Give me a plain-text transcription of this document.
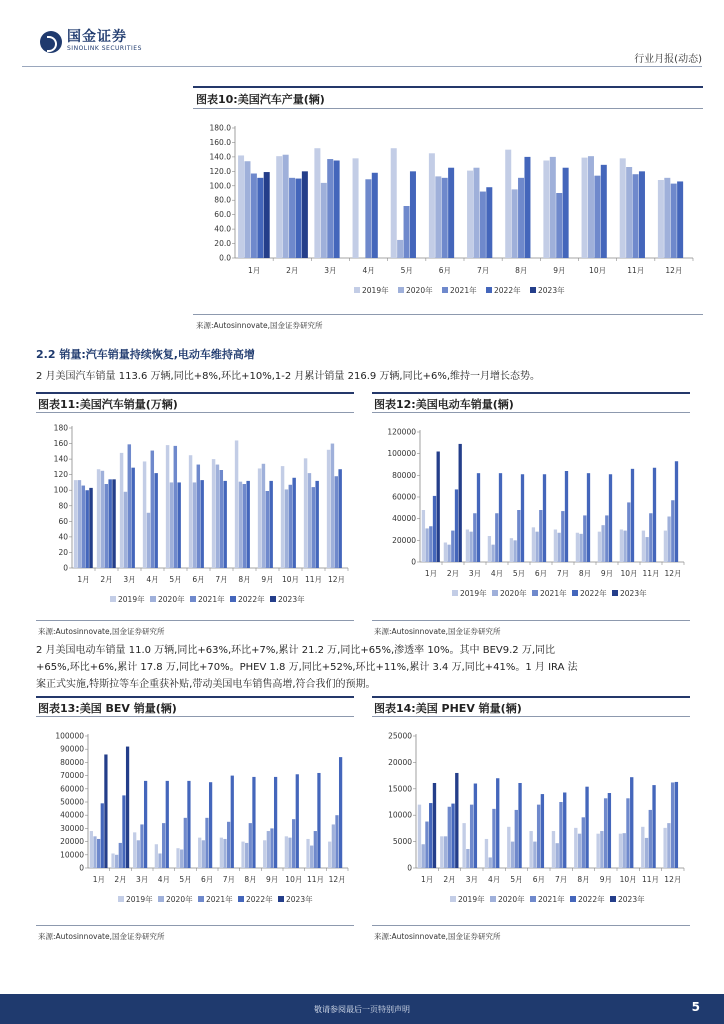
国金证券
SINOLINK SECURITIES
行业月报(动态)
图表10:美国汽车产量(辆)
0.0
20.0
40.0
60.0
80.0
100.0
120.0
140.0
160.0
180.0
1月	2月	3月	4月	5月	6月	7月	8月	9月	10月	11月	12月
2019年 2020年 2021年 2022年 2023年
来源:Autosinnovate,国金证券研究所
2.2 销量:汽车销量持续恢复,电动车维持高增
2 月美国汽车销量 113.6 万辆,同比+8%,环比+10%,1-2 月累计销量 216.9 万辆,同比+6%,维持一月增长态势。
图表11:美国汽车销量(万辆)
0
20
40
60
80
100
120
140
160
180
1月 2月 3月 4月 5月 6月 7月 8月 9月 10月 11月 12月
2019年 2020年 2021年 2022年 2023年
来源:Autosinnovate,国金证券研究所
图表12:美国电动车销量(辆)
0
20000
40000
60000
80000
100000
120000
1月 2月 3月 4月 5月 6月 7月 8月 9月 10月 11月 12月
2019年 2020年 2021年 2022年 2023年
来源:Autosinnovate,国金证券研究所
2 月美国电动车销量 11.0 万辆,同比+63%,环比+7%,累计 21.2 万,同比+65%,渗透率 10%。其中 BEV9.2 万,同比
+65%,环比+6%,累计 17.8 万,同比+70%。PHEV 1.8 万,同比+52%,环比+11%,累计 3.4 万,同比+41%。1 月 IRA 法
案正式实施,特斯拉等车企重获补贴,带动美国电车销售高增,符合我们的预期。
图表13:美国 BEV 销量(辆)
0
10000
20000
30000
40000
50000
60000
70000
80000
90000
100000
1月 2月 3月 4月 5月 6月 7月 8月 9月 10月 11月 12月
2019年 2020年 2021年 2022年 2023年
来源:Autosinnovate,国金证券研究所
图表14:美国 PHEV 销量(辆)
0
5000
10000
15000
20000
25000
1月 2月 3月 4月 5月 6月 7月 8月 9月 10月 11月 12月
2019年 2020年 2021年 2022年 2023年
来源:Autosinnovate,国金证券研究所
敬请参阅最后一页特别声明	5
